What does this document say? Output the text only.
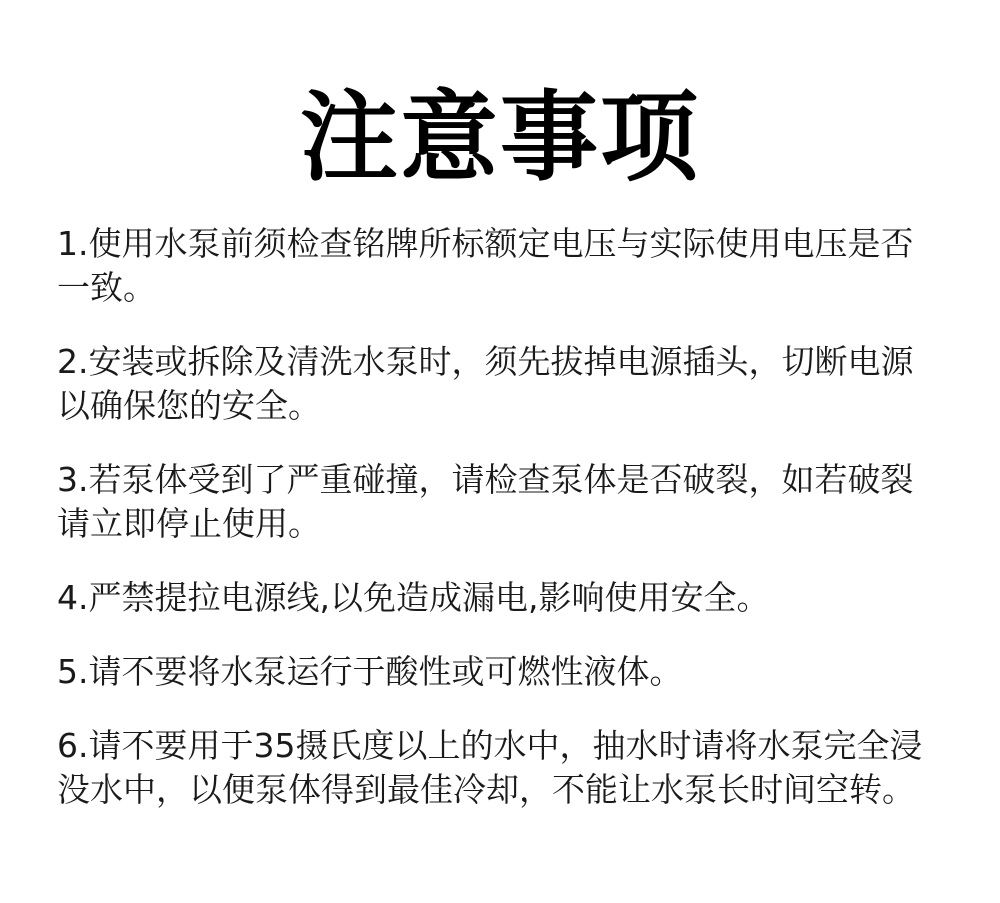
注意事项
1.使用水泵前须检查铭牌所标额定电压与实际使用电压是否一致。
2.安装或拆除及清洗水泵时，须先拔掉电源插头，切断电源以确保您的安全。
3.若泵体受到了严重碰撞，请检查泵体是否破裂，如若破裂请立即停止使用。
4.严禁提拉电源线,以免造成漏电,影响使用安全。
5.请不要将水泵运行于酸性或可燃性液体。
6.请不要用于35摄氏度以上的水中，抽水时请将水泵完全浸没水中，以便泵体得到最佳冷却，不能让水泵长时间空转。
